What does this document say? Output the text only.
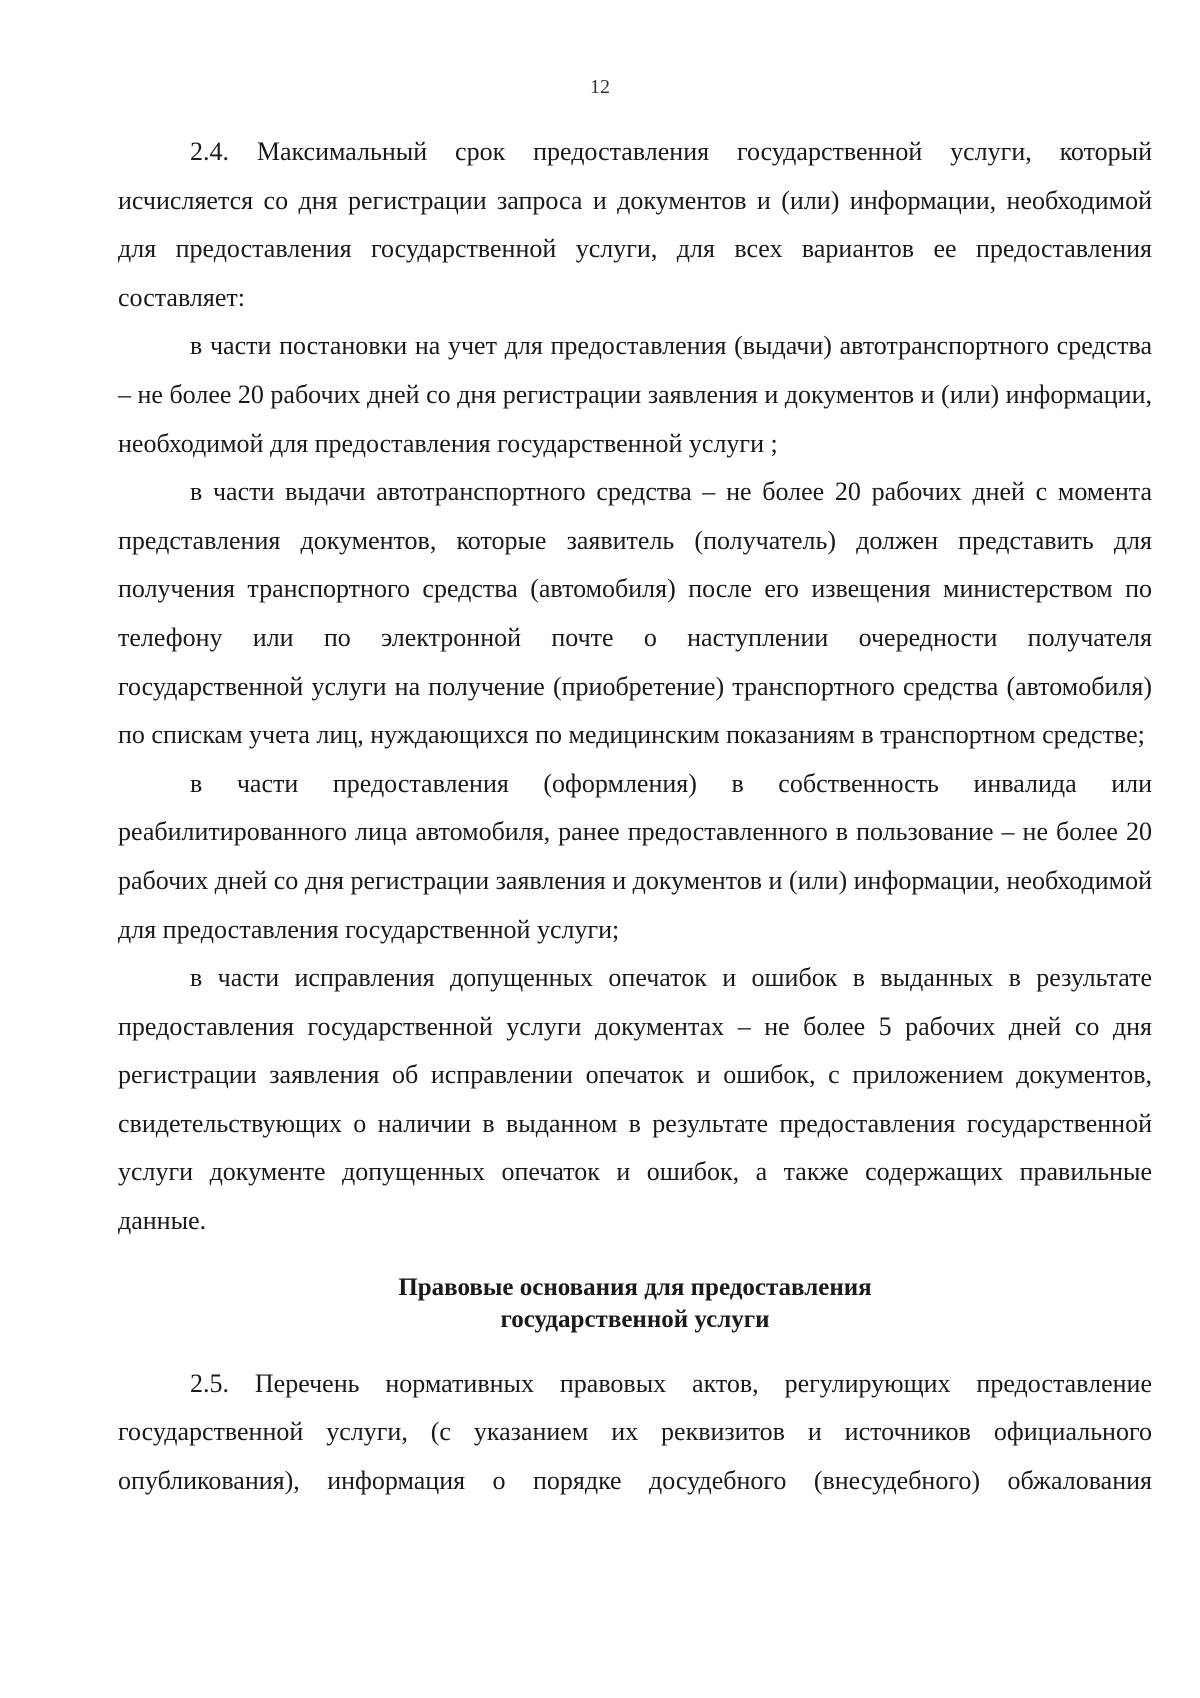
12

2.4. Максимальный срок предоставления государственной услуги, который исчисляется со дня регистрации запроса и документов и (или) информации, необходимой для предоставления государственной услуги, для всех вариантов ее предоставления составляет:

в части постановки на учет для предоставления (выдачи) автотранспортного средства – не более 20 рабочих дней со дня регистрации заявления и документов и (или) информации, необходимой для предоставления государственной услуги ;

в части выдачи автотранспортного средства – не более 20 рабочих дней с момента представления документов, которые заявитель (получатель) должен представить для получения транспортного средства (автомобиля) после его извещения министерством по телефону или по электронной почте о наступлении очередности получателя государственной услуги на получение (приобретение) транспортного средства (автомобиля) по спискам учета лиц, нуждающихся по медицинским показаниям в транспортном средстве;

в части предоставления (оформления) в собственность инвалида или реабилитированного лица автомобиля, ранее предоставленного в пользование – не более 20 рабочих дней со дня регистрации заявления и документов и (или) информации, необходимой для предоставления государственной услуги;

в части исправления допущенных опечаток и ошибок в выданных в результате предоставления государственной услуги документах – не более 5 рабочих дней со дня регистрации заявления об исправлении опечаток и ошибок, с приложением документов, свидетельствующих о наличии в выданном в результате предоставления государственной услуги документе допущенных опечаток и ошибок, а также содержащих правильные данные.

Правовые основания для предоставления
государственной услуги

2.5. Перечень нормативных правовых актов, регулирующих предоставление государственной услуги, (с указанием их реквизитов и источников официального опубликования), информация о порядке досудебного (внесудебного) обжалования
